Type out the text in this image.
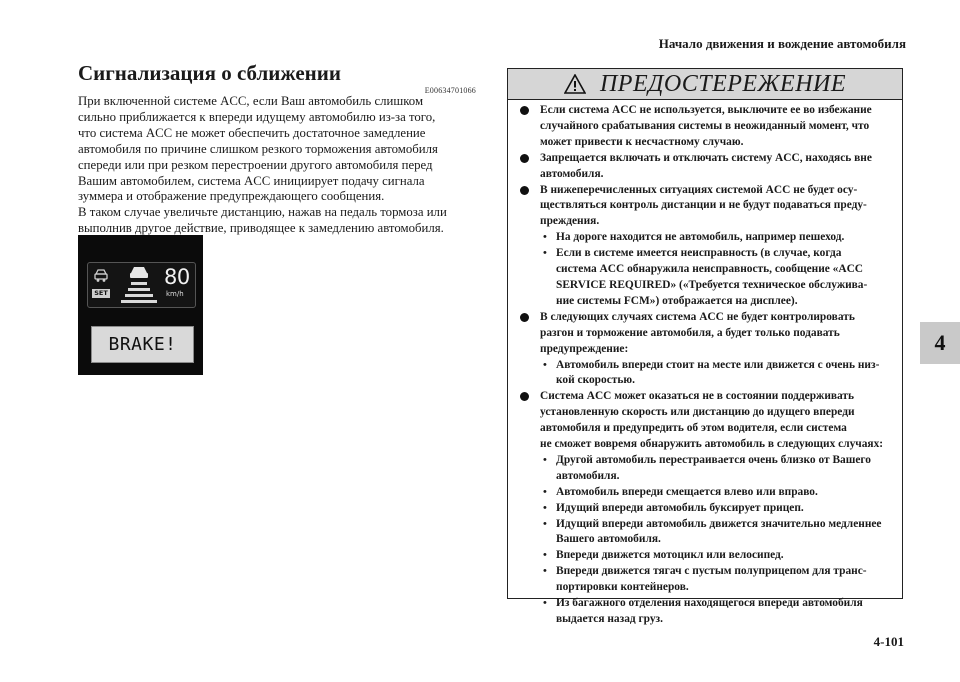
Начало движения и вождение автомобиля
4
4-101
Сигнализация о сближении
E00634701066
При включенной системе ACC, если Ваш автомобиль слишком
сильно приближается к впереди идущему автомобилю из-за того,
что система ACC не может обеспечить достаточное замедление
автомобиля по причине слишком резкого торможения автомобиля
спереди или при резком перестроении другого автомобиля перед
Вашим автомобилем, система ACC инициирует подачу сигнала
зуммера и отображение предупреждающего сообщения.
В таком случае увеличьте дистанцию, нажав на педаль тормоза или
выполнив другое действие, приводящее к замедлению автомобиля.
SET
80
km/h
BRAKE!
ПРЕДОСТЕРЕЖЕНИЕ
Если система ACC не используется, выключите ее во избежание
случайного срабатывания системы в неожиданный момент, что
может привести к несчастному случаю.
Запрещается включать и отключать систему ACC, находясь вне
автомобиля.
В нижеперечисленных ситуациях системой ACC не будет осу-
ществляться контроль дистанции и не будут подаваться преду-
преждения.
• На дороге находится не автомобиль, например пешеход.
• Если в системе имеется неисправность (в случае, когда
система ACC обнаружила неисправность, сообщение «ACC
SERVICE REQUIRED» («Требуется техническое обслужива-
ние системы FCM») отображается на дисплее).
В следующих случаях система ACC не будет контролировать
разгон и торможение автомобиля, а будет только подавать
предупреждение:
• Автомобиль впереди стоит на месте или движется с очень низ-
кой скоростью.
Система ACC может оказаться не в состоянии поддерживать
установленную скорость или дистанцию до идущего впереди
автомобиля и предупредить об этом водителя, если система
не сможет вовремя обнаружить автомобиль в следующих случаях:
• Другой автомобиль перестраивается очень близко от Вашего
автомобиля.
• Автомобиль впереди смещается влево или вправо.
• Идущий впереди автомобиль буксирует прицеп.
• Идущий впереди автомобиль движется значительно медленнее
Вашего автомобиля.
• Впереди движется мотоцикл или велосипед.
• Впереди движется тягач с пустым полуприцепом для транс-
портировки контейнеров.
• Из багажного отделения находящегося впереди автомобиля
выдается назад груз.
